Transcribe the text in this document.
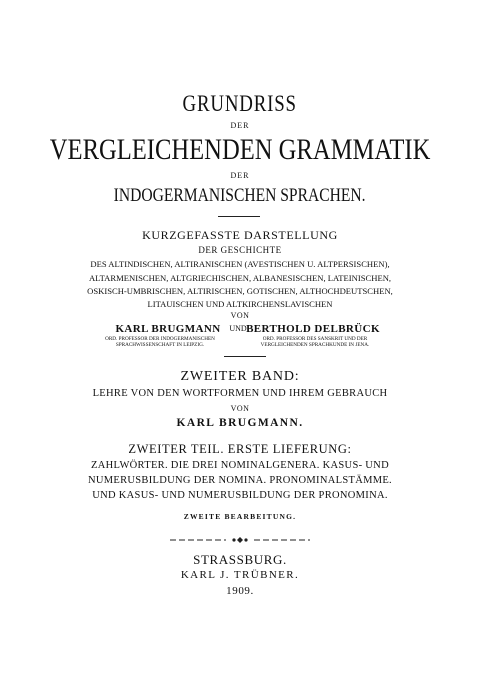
GRUNDRISS
DER
VERGLEICHENDEN GRAMMATIK
DER
INDOGERMANISCHEN SPRACHEN.
KURZGEFASSTE DARSTELLUNG
DER GESCHICHTE
DES ALTINDISCHEN, ALTIRANISCHEN (AVESTISCHEN U. ALTPERSISCHEN),
ALTARMENISCHEN, ALTGRIECHISCHEN, ALBANESISCHEN, LATEINISCHEN,
OSKISCH-UMBRISCHEN, ALTIRISCHEN, GOTISCHEN, ALTHOCHDEUTSCHEN,
LITAUISCHEN UND ALTKIRCHENSLAVISCHEN
VON
KARL BRUGMANN	UND BERTHOLD DELBRÜCK
ORD. PROFESSOR DER INDOGERMANISCHEN
SPRACHWISSENSCHAFT IN LEIPZIG.
ORD. PROFESSOR DES SANSKRIT UND DER
VERGLEICHENDEN SPRACHKUNDE IN JENA.
ZWEITER BAND:
LEHRE VON DEN WORTFORMEN UND IHREM GEBRAUCH
VON
KARL BRUGMANN.
ZWEITER TEIL. ERSTE LIEFERUNG:
ZAHLWÖRTER. DIE DREI NOMINALGENERA. KASUS- UND
NUMERUSBILDUNG DER NOMINA. PRONOMINALSTÄMME.
UND KASUS- UND NUMERUSBILDUNG DER PRONOMINA.
ZWEITE BEARBEITUNG.
STRASSBURG.
KARL J. TRÜBNER.
1909.
